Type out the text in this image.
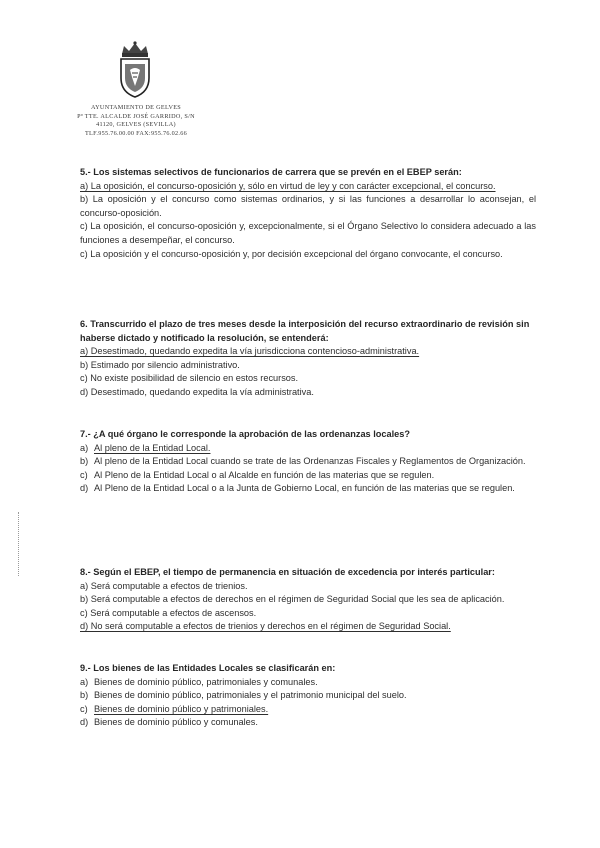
AYUNTAMIENTO DE GELVES
Pº TTE. ALCALDE JOSÉ GARRIDO, S/N
41120, GELVES (SEVILLA)
TLF.955.76.00.00 FAX:955.76.02.66
5.- Los sistemas selectivos de funcionarios de carrera que se prevén en el EBEP serán:
a) La oposición, el concurso-oposición y, sólo en virtud de ley y con carácter excepcional, el concurso.
b) La oposición y el concurso como sistemas ordinarios, y si las funciones a desarrollar lo aconsejan, el concurso-oposición.
c) La oposición, el concurso-oposición y, excepcionalmente, si el Órgano Selectivo lo considera adecuado a las funciones a desempeñar, el concurso.
c) La oposición y el concurso-oposición y, por decisión excepcional del órgano convocante, el concurso.
6. Transcurrido el plazo de tres meses desde la interposición del recurso extraordinario de revisión sin haberse dictado y notificado la resolución, se entenderá:
a) Desestimado, quedando expedita la vía jurisdicciona contencioso-administrativa.
b) Estimado por silencio administrativo.
c) No existe posibilidad de silencio en estos recursos.
d) Desestimado, quedando expedita la vía administrativa.
7.- ¿A qué órgano le corresponde la aprobación de las ordenanzas locales?
a) Al pleno de la Entidad Local.
b) Al pleno de la Entidad Local cuando se trate de las Ordenanzas Fiscales y Reglamentos de Organización.
c) Al Pleno de la Entidad Local o al Alcalde en función de las materias que se regulen.
d) Al Pleno de la Entidad Local o a la Junta de Gobierno Local, en función de las materias que se regulen.
8.- Según el EBEP, el tiempo de permanencia en situación de excedencia por interés particular:
a) Será computable a efectos de trienios.
b) Será computable a efectos de derechos en el régimen de Seguridad Social que les sea de aplicación.
c) Será computable a efectos de ascensos.
d) No será computable a efectos de trienios y derechos en el régimen de Seguridad Social.
9.- Los bienes de las Entidades Locales se clasificarán en:
a) Bienes de dominio público, patrimoniales y comunales.
b) Bienes de dominio público, patrimoniales y el patrimonio municipal del suelo.
c) Bienes de dominio público y patrimoniales.
d) Bienes de dominio público y comunales.
